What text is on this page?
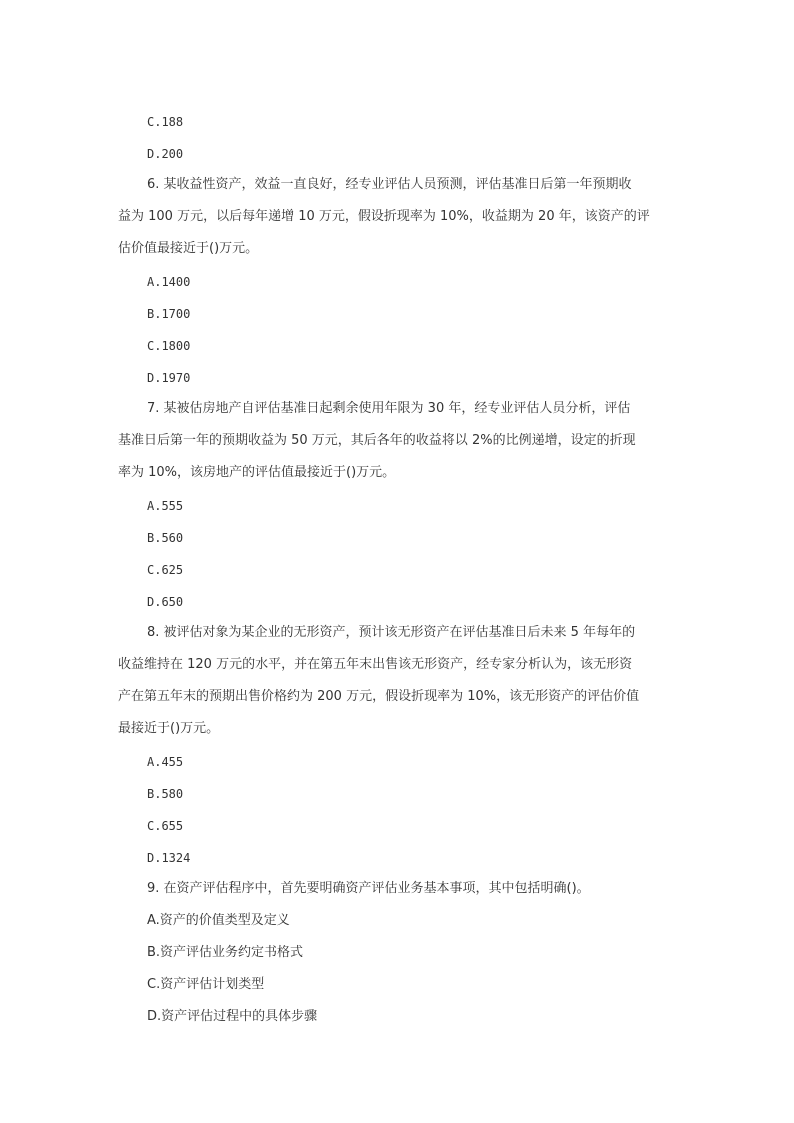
C.188
D.200
6. 某收益性资产，效益一直良好，经专业评估人员预测，评估基准日后第一年预期收
益为 100 万元，以后每年递增 10 万元，假设折现率为 10%，收益期为 20 年，该资产的评
估价值最接近于()万元。
A.1400
B.1700
C.1800
D.1970
7. 某被估房地产自评估基准日起剩余使用年限为 30 年，经专业评估人员分析，评估
基准日后第一年的预期收益为 50 万元，其后各年的收益将以 2%的比例递增，设定的折现
率为 10%，该房地产的评估值最接近于()万元。
A.555
B.560
C.625
D.650
8. 被评估对象为某企业的无形资产，预计该无形资产在评估基准日后未来 5 年每年的
收益维持在 120 万元的水平，并在第五年末出售该无形资产，经专家分析认为，该无形资
产在第五年末的预期出售价格约为 200 万元，假设折现率为 10%，该无形资产的评估价值
最接近于()万元。
A.455
B.580
C.655
D.1324
9. 在资产评估程序中，首先要明确资产评估业务基本事项，其中包括明确()。
A.资产的价值类型及定义
B.资产评估业务约定书格式
C.资产评估计划类型
D.资产评估过程中的具体步骤
